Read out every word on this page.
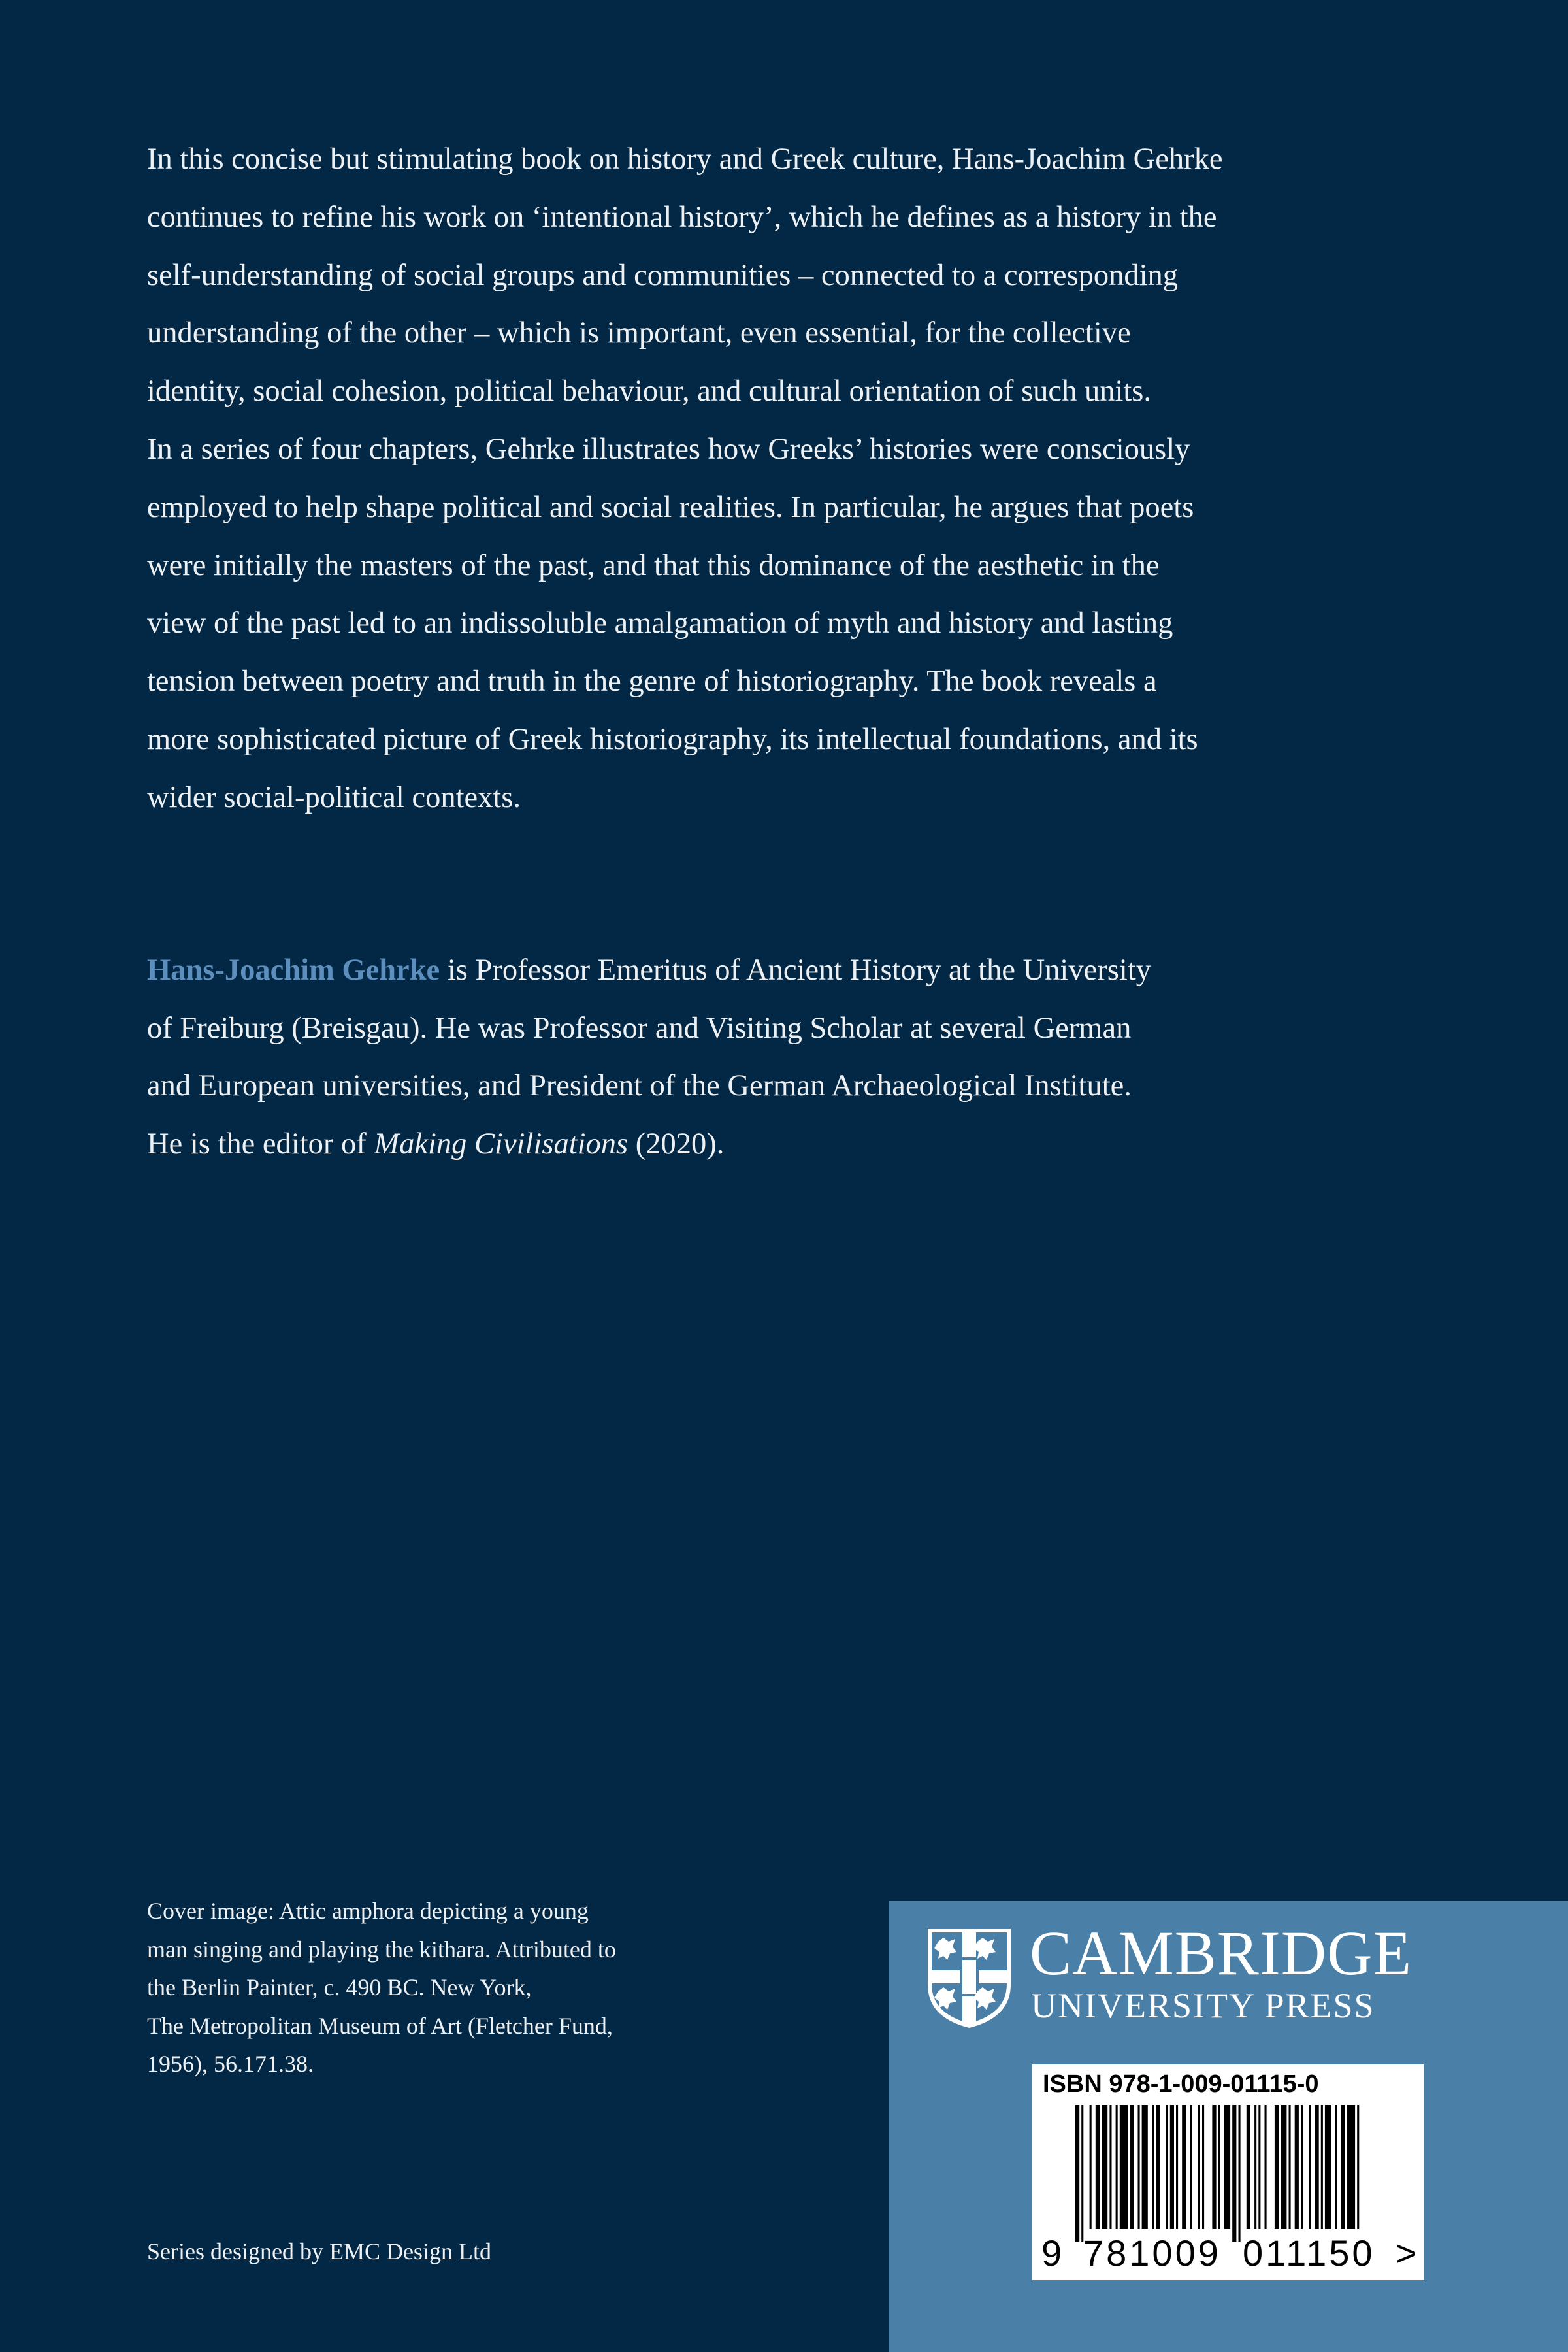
In this concise but stimulating book on history and Greek culture, Hans-Joachim Gehrke
continues to refine his work on ‘intentional history’, which he defines as a history in the
self-understanding of social groups and communities – connected to a corresponding
understanding of the other – which is important, even essential, for the collective
identity, social cohesion, political behaviour, and cultural orientation of such units.
In a series of four chapters, Gehrke illustrates how Greeks’ histories were consciously
employed to help shape political and social realities. In particular, he argues that poets
were initially the masters of the past, and that this dominance of the aesthetic in the
view of the past led to an indissoluble amalgamation of myth and history and lasting
tension between poetry and truth in the genre of historiography. The book reveals a
more sophisticated picture of Greek historiography, its intellectual foundations, and its
wider social-political contexts.
Hans-Joachim Gehrke is Professor Emeritus of Ancient History at the University
of Freiburg (Breisgau). He was Professor and Visiting Scholar at several German
and European universities, and President of the German Archaeological Institute.
He is the editor of Making Civilisations (2020).
Cover image: Attic amphora depicting a young
man singing and playing the kithara. Attributed to
the Berlin Painter, c. 490 BC. New York,
The Metropolitan Museum of Art (Fletcher Fund,
1956), 56.171.38.
Series designed by EMC Design Ltd
CAMBRIDGE
UNIVERSITY PRESS
ISBN 978-1-009-01115-0
9 781009 011150 >
